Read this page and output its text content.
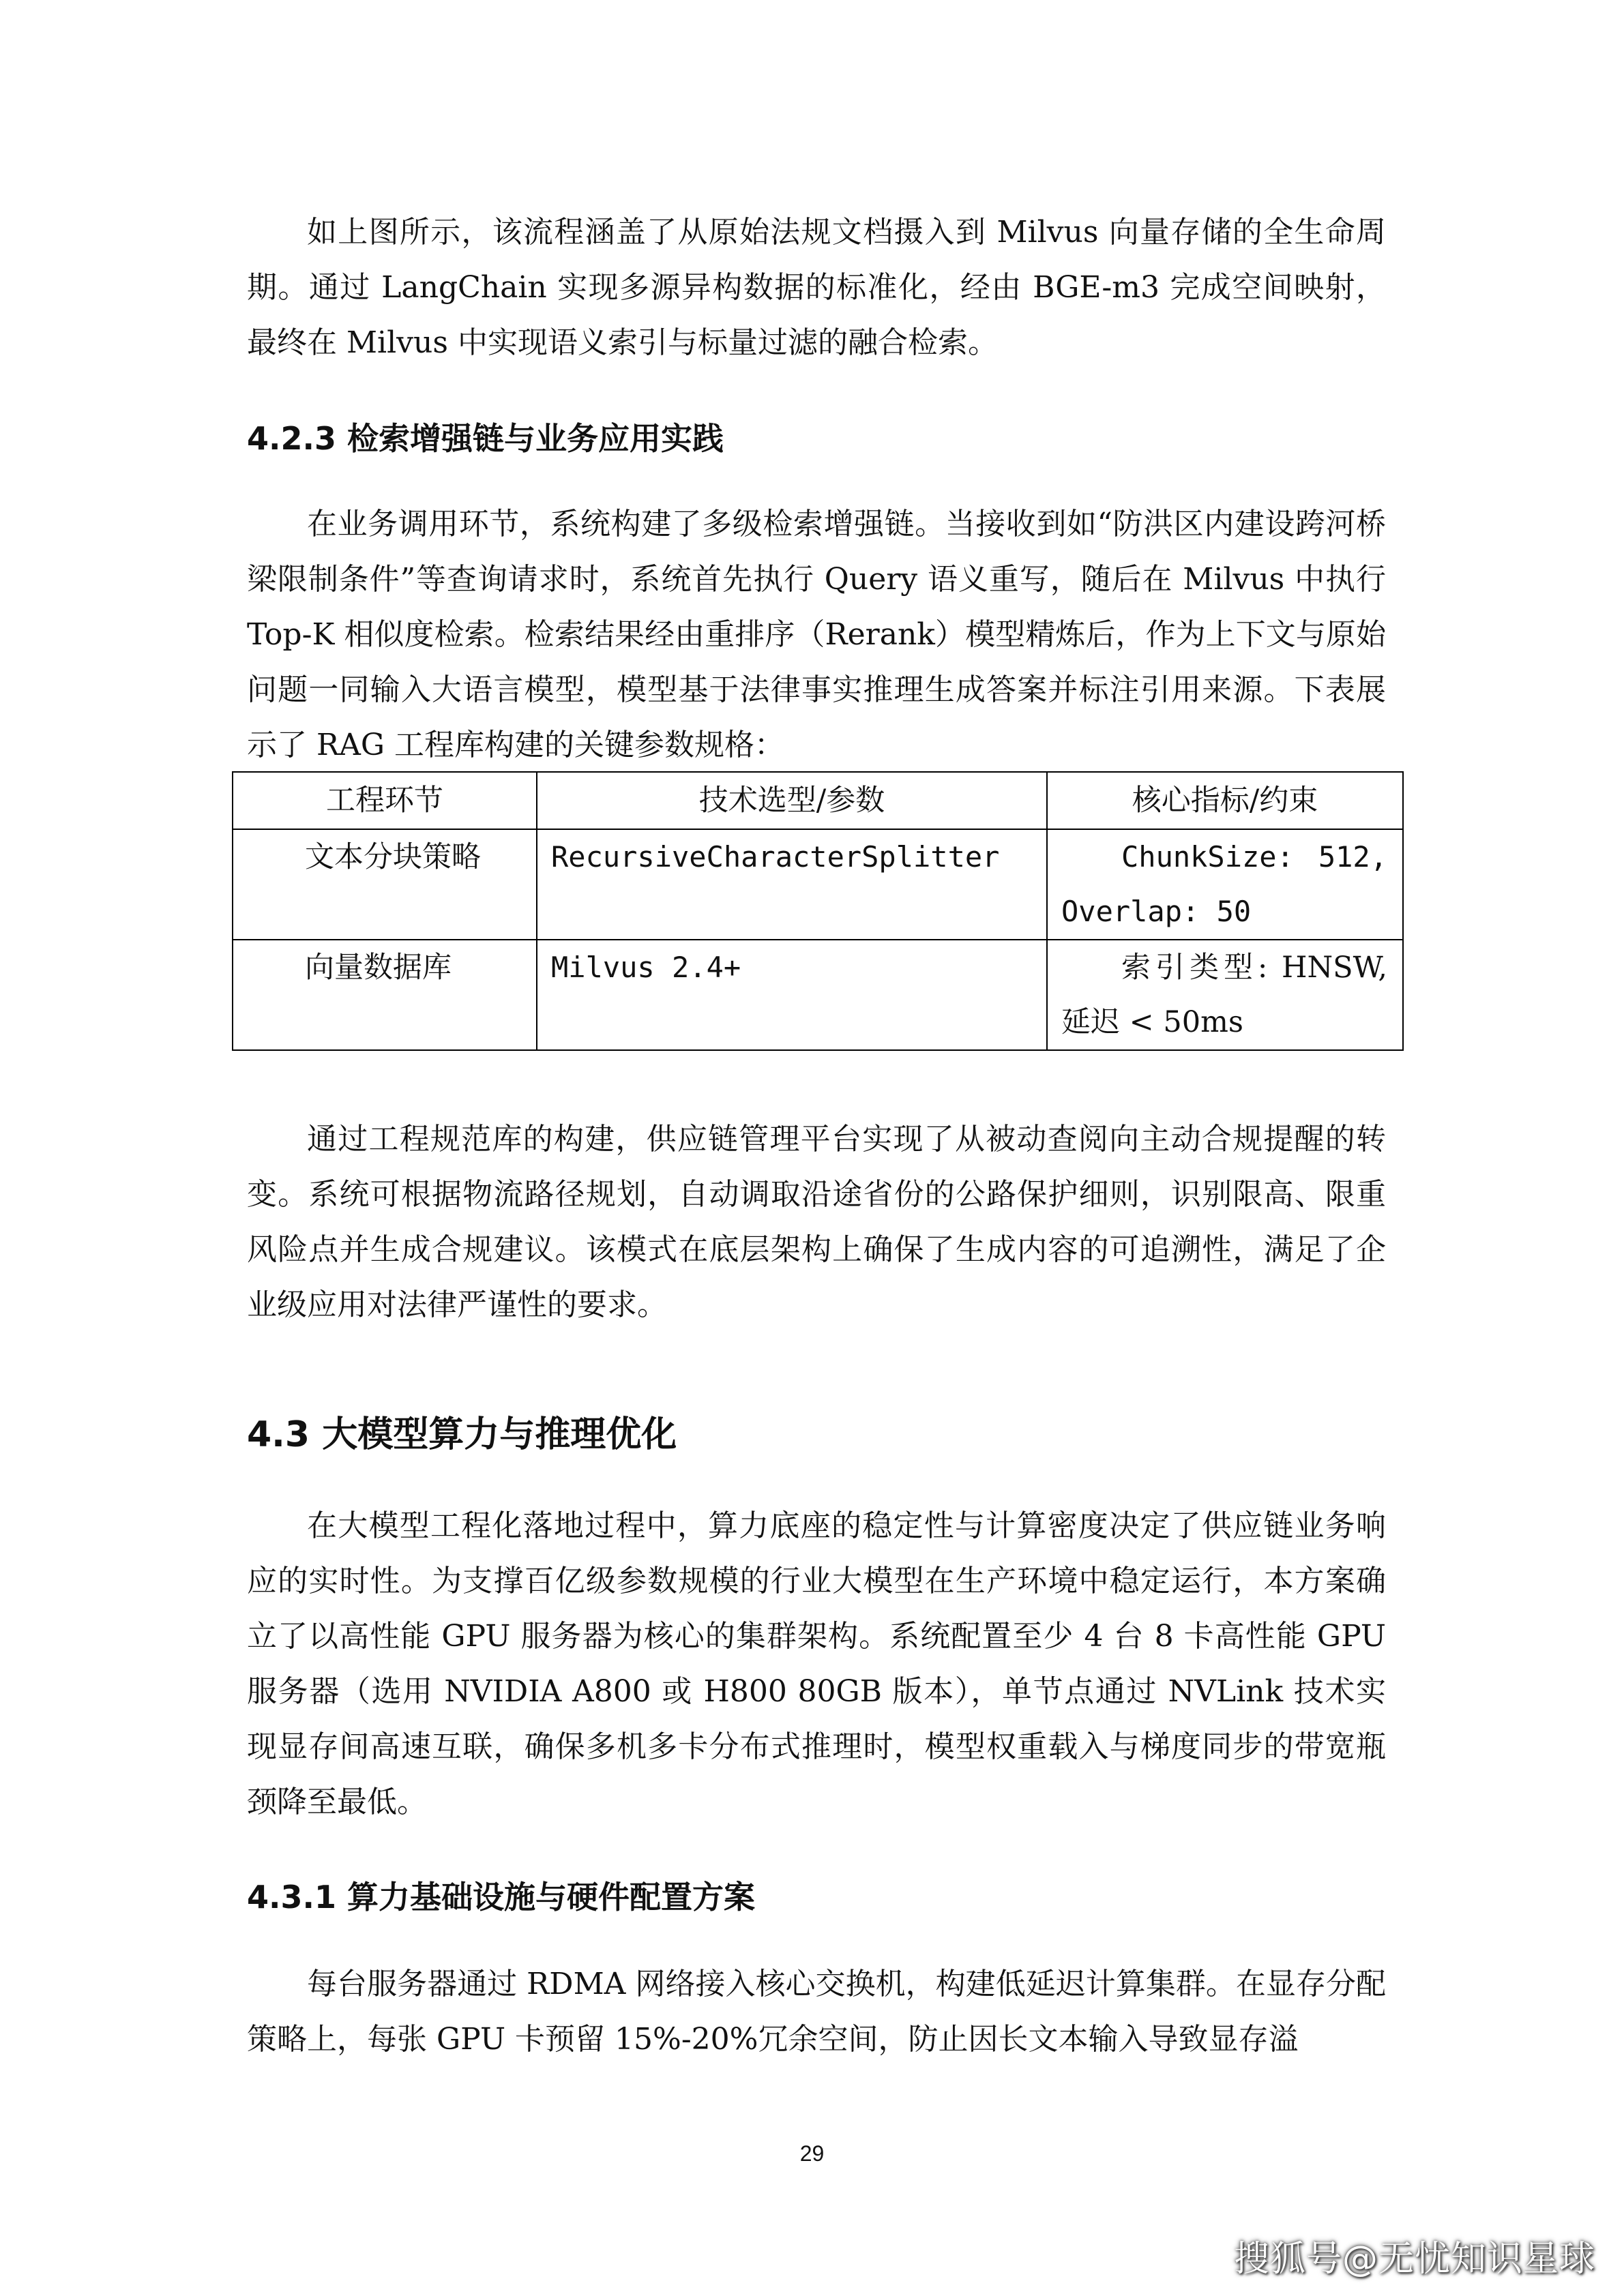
如上图所示，该流程涵盖了从原始法规文档摄入到 Milvus 向量存储的全生命周期。通过 LangChain 实现多源异构数据的标准化，经由 BGE-m3 完成空间映射，最终在 Milvus 中实现语义索引与标量过滤的融合检索。

4.2.3 检索增强链与业务应用实践

在业务调用环节，系统构建了多级检索增强链。当接收到如“防洪区内建设跨河桥梁限制条件”等查询请求时，系统首先执行 Query 语义重写，随后在 Milvus 中执行 Top-K 相似度检索。检索结果经由重排序（Rerank）模型精炼后，作为上下文与原始问题一同输入大语言模型，模型基于法律事实推理生成答案并标注引用来源。下表展示了 RAG 工程库构建的关键参数规格：

工程环节	技术选型/参数	核心指标/约束
文本分块策略	RecursiveCharacterSplitter	ChunkSize: 512, Overlap: 50
向量数据库	Milvus 2.4+	索引类型: HNSW, 延迟 < 50ms

通过工程规范库的构建，供应链管理平台实现了从被动查阅向主动合规提醒的转变。系统可根据物流路径规划，自动调取沿途省份的公路保护细则，识别限高、限重风险点并生成合规建议。该模式在底层架构上确保了生成内容的可追溯性，满足了企业级应用对法律严谨性的要求。

4.3 大模型算力与推理优化

在大模型工程化落地过程中，算力底座的稳定性与计算密度决定了供应链业务响应的实时性。为支撑百亿级参数规模的行业大模型在生产环境中稳定运行，本方案确立了以高性能 GPU 服务器为核心的集群架构。系统配置至少 4 台 8 卡高性能 GPU 服务器（选用 NVIDIA A800 或 H800 80GB 版本），单节点通过 NVLink 技术实现显存间高速互联，确保多机多卡分布式推理时，模型权重载入与梯度同步的带宽瓶颈降至最低。

4.3.1 算力基础设施与硬件配置方案

每台服务器通过 RDMA 网络接入核心交换机，构建低延迟计算集群。在显存分配策略上，每张 GPU 卡预留 15%-20%冗余空间，防止因长文本输入导致显存溢

29
搜狐号@无忧知识星球
